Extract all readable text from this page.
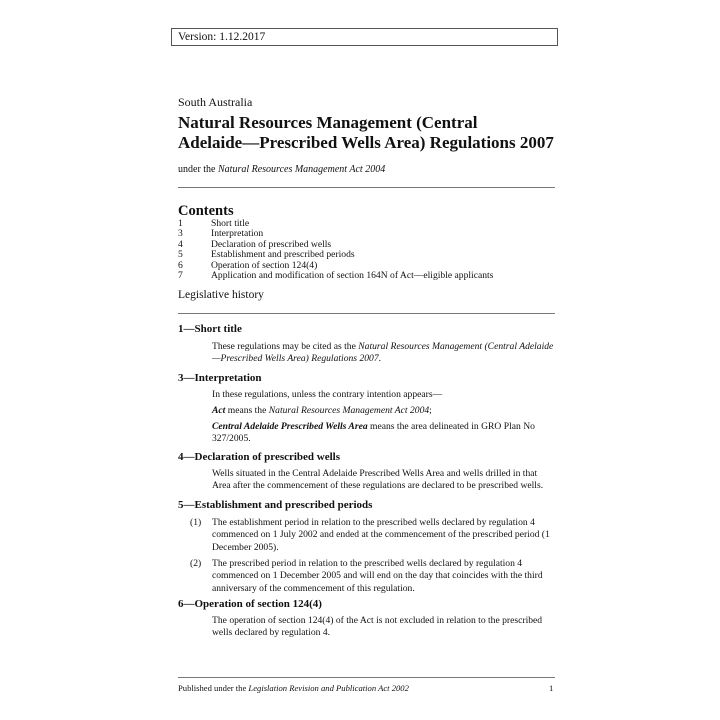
Version: 1.12.2017
South Australia
Natural Resources Management (Central
Adelaide—Prescribed Wells Area) Regulations 2007
under the Natural Resources Management Act 2004
Contents
1	Short title
3	Interpretation
4	Declaration of prescribed wells
5	Establishment and prescribed periods
6	Operation of section 124(4)
7	Application and modification of section 164N of Act—eligible applicants
Legislative history
1—Short title
These regulations may be cited as the Natural Resources Management (Central Adelaide—Prescribed Wells Area) Regulations 2007.
3—Interpretation
In these regulations, unless the contrary intention appears—
Act means the Natural Resources Management Act 2004;
Central Adelaide Prescribed Wells Area means the area delineated in GRO Plan No 327/2005.
4—Declaration of prescribed wells
Wells situated in the Central Adelaide Prescribed Wells Area and wells drilled in that Area after the commencement of these regulations are declared to be prescribed wells.
5—Establishment and prescribed periods
(1) The establishment period in relation to the prescribed wells declared by regulation 4 commenced on 1 July 2002 and ended at the commencement of the prescribed period (1 December 2005).
(2) The prescribed period in relation to the prescribed wells declared by regulation 4 commenced on 1 December 2005 and will end on the day that coincides with the third anniversary of the commencement of this regulation.
6—Operation of section 124(4)
The operation of section 124(4) of the Act is not excluded in relation to the prescribed wells declared by regulation 4.
Published under the Legislation Revision and Publication Act 2002	1
